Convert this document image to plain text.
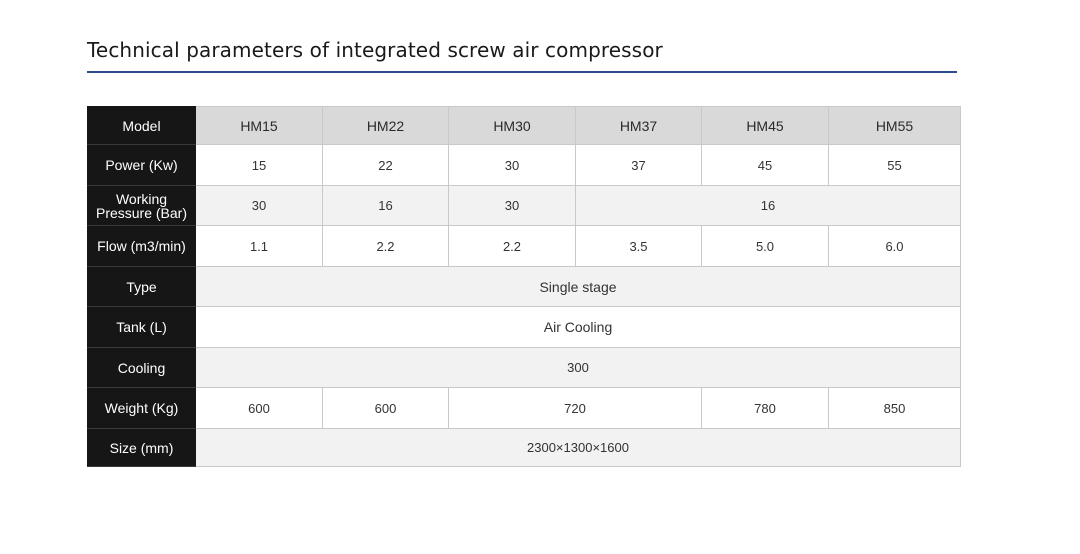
Technical parameters of integrated screw air compressor
Model	HM15	HM22	HM30	HM37	HM45	HM55
Power (Kw)	15	22	30	37	45	55
Working
Pressure (Bar)	30	16	30	16		
Flow (m3/min)	1.1	2.2	2.2	3.5	5.0	6.0
Type	Single stage					
Tank (L)	Air Cooling					
Cooling	300					
Weight (Kg)	600	600	720		780	850
Size (mm)	2300×1300×1600					
